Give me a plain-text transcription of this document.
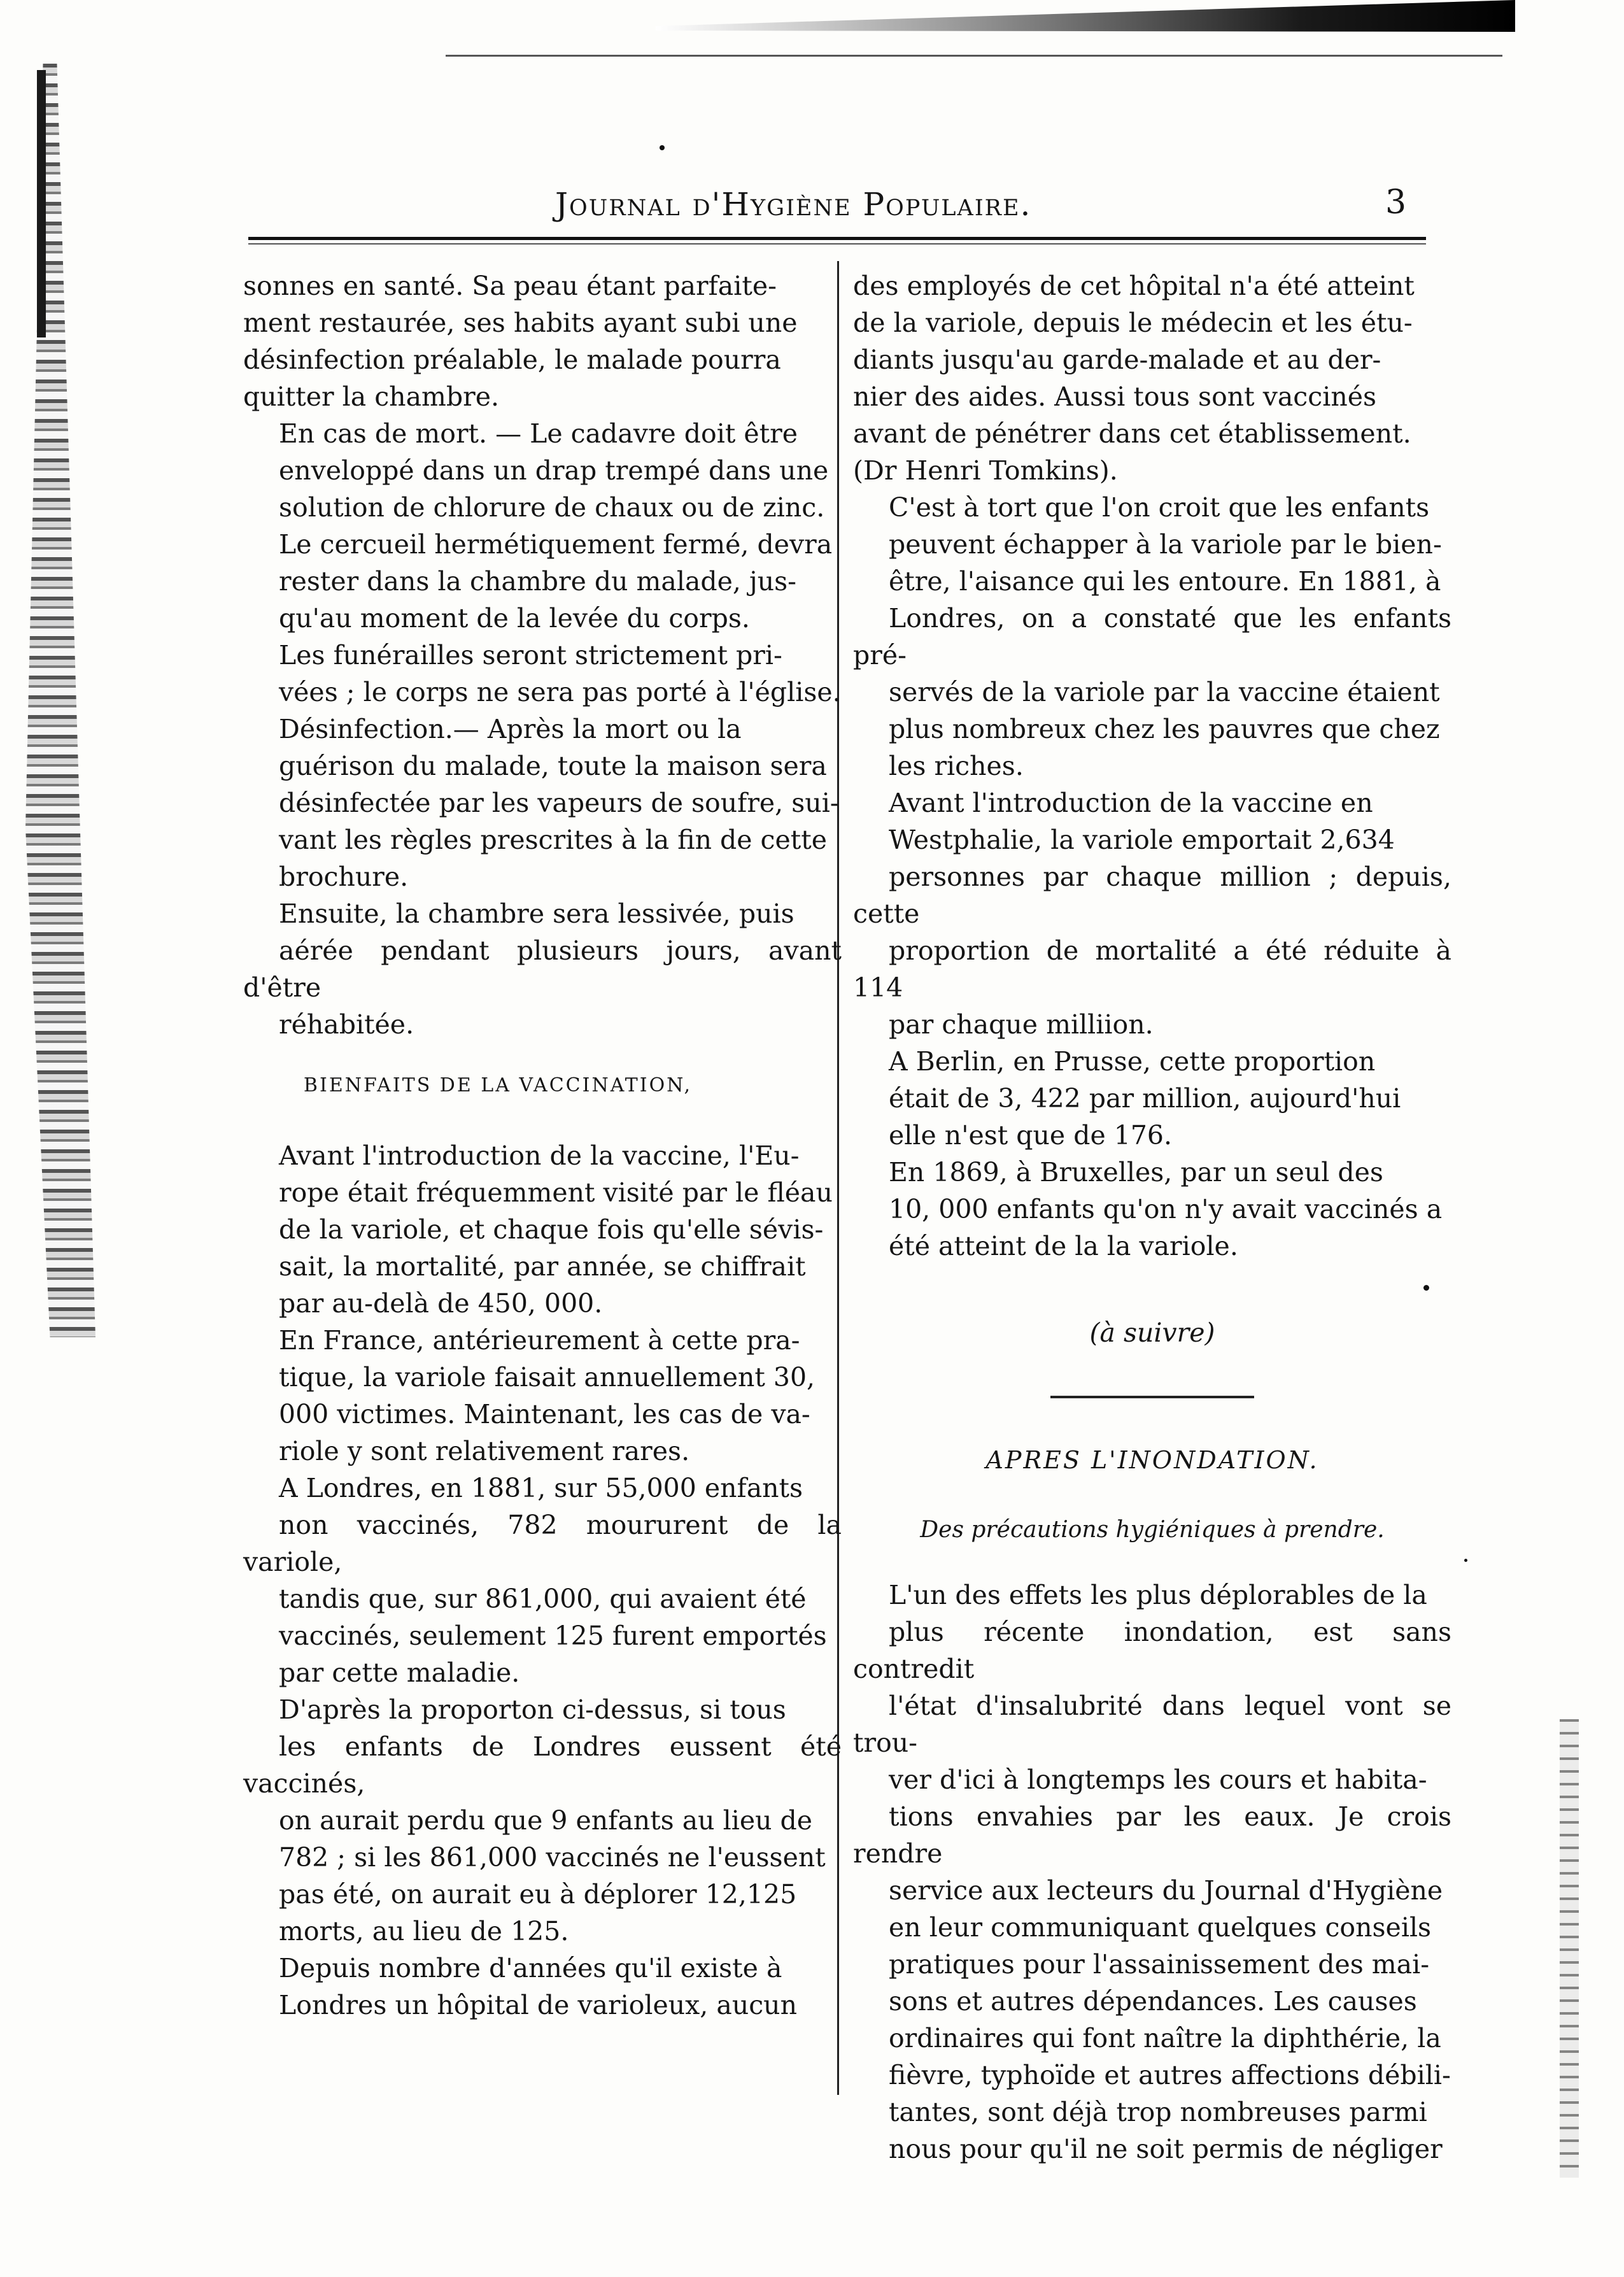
Journal d'Hygiène Populaire.	3

sonnes en santé. Sa peau étant parfaite-
ment restaurée, ses habits ayant subi une
désinfection préalable, le malade pourra
quitter la chambre.

En cas de mort. — Le cadavre doit être
enveloppé dans un drap trempé dans une
solution de chlorure de chaux ou de zinc.
Le cercueil hermétiquement fermé, devra
rester dans la chambre du malade, jus-
qu'au moment de la levée du corps.

Les funérailles seront strictement pri-
vées ; le corps ne sera pas porté à l'église.

Désinfection.— Après la mort ou la
guérison du malade, toute la maison sera
désinfectée par les vapeurs de soufre, sui-
vant les règles prescrites à la fin de cette
brochure.

Ensuite, la chambre sera lessivée, puis
aérée pendant plusieurs jours, avant d'être
réhabitée.

BIENFAITS DE LA VACCINATION,

Avant l'introduction de la vaccine, l'Eu-
rope était fréquemment visité par le fléau
de la variole, et chaque fois qu'elle sévis-
sait, la mortalité, par année, se chiffrait
par au-delà de 450, 000.

En France, antérieurement à cette pra-
tique, la variole faisait annuellement 30,
000 victimes. Maintenant, les cas de va-
riole y sont relativement rares.

A Londres, en 1881, sur 55,000 enfants
non vaccinés, 782 moururent de la variole,
tandis que, sur 861,000, qui avaient été
vaccinés, seulement 125 furent emportés
par cette maladie.

D'après la proporton ci-dessus, si tous
les enfants de Londres eussent été vaccinés,
on aurait perdu que 9 enfants au lieu de
782 ; si les 861,000 vaccinés ne l'eussent
pas été, on aurait eu à déplorer 12,125
morts, au lieu de 125.

Depuis nombre d'années qu'il existe à
Londres un hôpital de varioleux, aucun

des employés de cet hôpital n'a été atteint
de la variole, depuis le médecin et les étu-
diants jusqu'au garde-malade et au der-
nier des aides. Aussi tous sont vaccinés
avant de pénétrer dans cet établissement.
(Dr Henri Tomkins).

C'est à tort que l'on croit que les enfants
peuvent échapper à la variole par le bien-
être, l'aisance qui les entoure. En 1881, à
Londres, on a constaté que les enfants pré-
servés de la variole par la vaccine étaient
plus nombreux chez les pauvres que chez
les riches.

Avant l'introduction de la vaccine en
Westphalie, la variole emportait 2,634
personnes par chaque million ; depuis, cette
proportion de mortalité a été réduite à 114
par chaque milliion.

A Berlin, en Prusse, cette proportion
était de 3, 422 par million, aujourd'hui
elle n'est que de 176.

En 1869, à Bruxelles, par un seul des
10, 000 enfants qu'on n'y avait vaccinés a
été atteint de la la variole.

(à suivre)
APRES L'INONDATION.
Des précautions hygiéniques à prendre.

L'un des effets les plus déplorables de la
plus récente inondation, est sans contredit
l'état d'insalubrité dans lequel vont se trou-
ver d'ici à longtemps les cours et habita-
tions envahies par les eaux. Je crois rendre
service aux lecteurs du Journal d'Hygiène
en leur communiquant quelques conseils
pratiques pour l'assainissement des mai-
sons et autres dépendances. Les causes
ordinaires qui font naître la diphthérie, la
fièvre, typhoïde et autres affections débili-
tantes, sont déjà trop nombreuses parmi
nous pour qu'il ne soit permis de négliger
